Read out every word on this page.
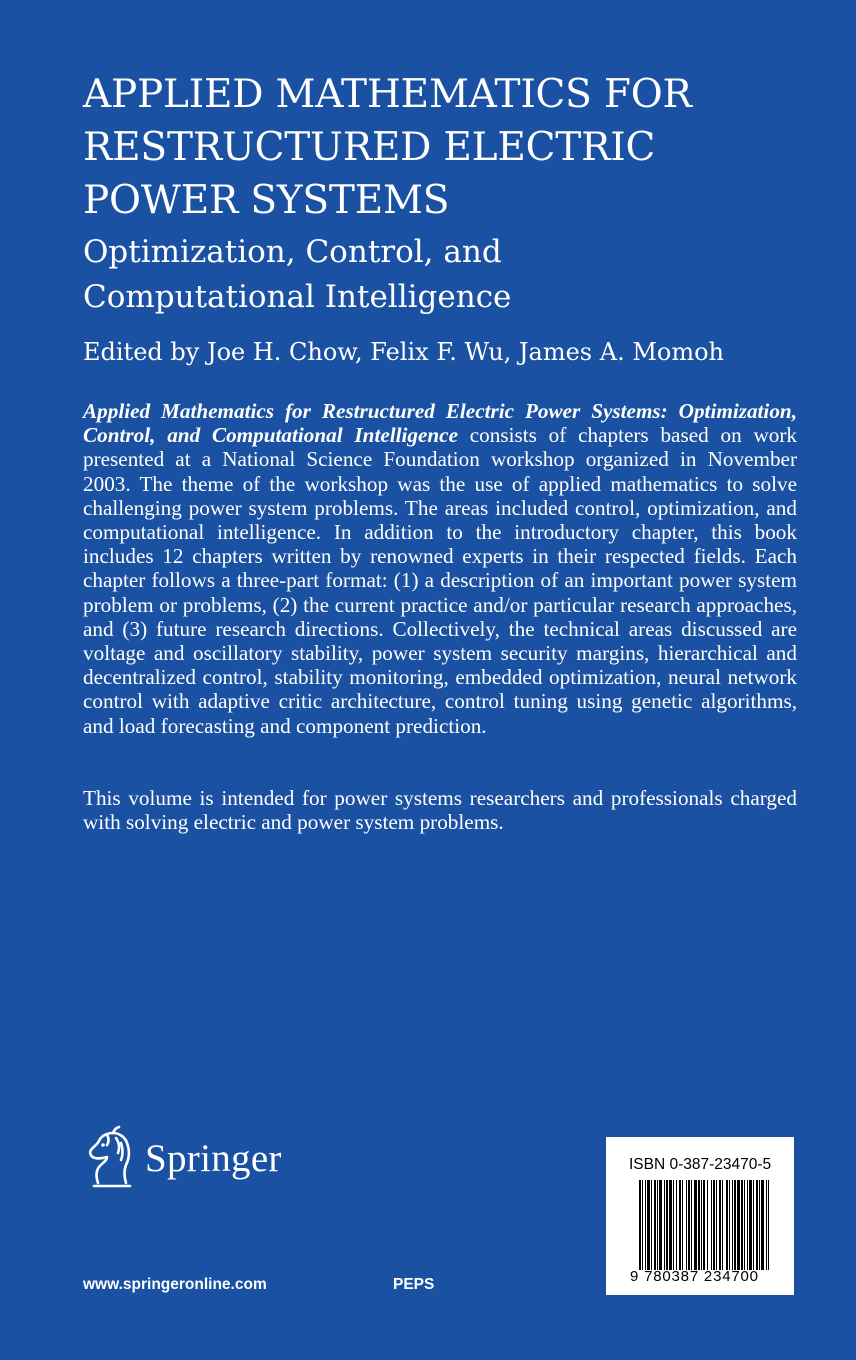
APPLIED MATHEMATICS FOR
RESTRUCTURED ELECTRIC
POWER SYSTEMS
Optimization, Control, and
Computational Intelligence
Edited by Joe H. Chow, Felix F. Wu, James A. Momoh
Applied Mathematics for Restructured Electric Power Systems: Optimization, Control, and Computational Intelligence consists of chapters based on work presented at a National Science Foundation workshop organized in November 2003. The theme of the workshop was the use of applied mathematics to solve challenging power system problems. The areas included control, optimization, and computational intelligence. In addition to the introductory chapter, this book includes 12 chapters written by renowned experts in their respected fields. Each chapter follows a three-part format: (1) a description of an important power system problem or problems, (2) the current practice and/or particular research approaches, and (3) future research directions. Collectively, the technical areas discussed are voltage and oscillatory stability, power system security margins, hierarchical and decentralized control, stability monitoring, embedded optimization, neural network control with adaptive critic architecture, control tuning using genetic algorithms, and load forecasting and component prediction.
This volume is intended for power systems researchers and professionals charged with solving electric and power system problems.
Springer
www.springeronline.com	PEPS
ISBN 0-387-23470-5
9 780387 234700
